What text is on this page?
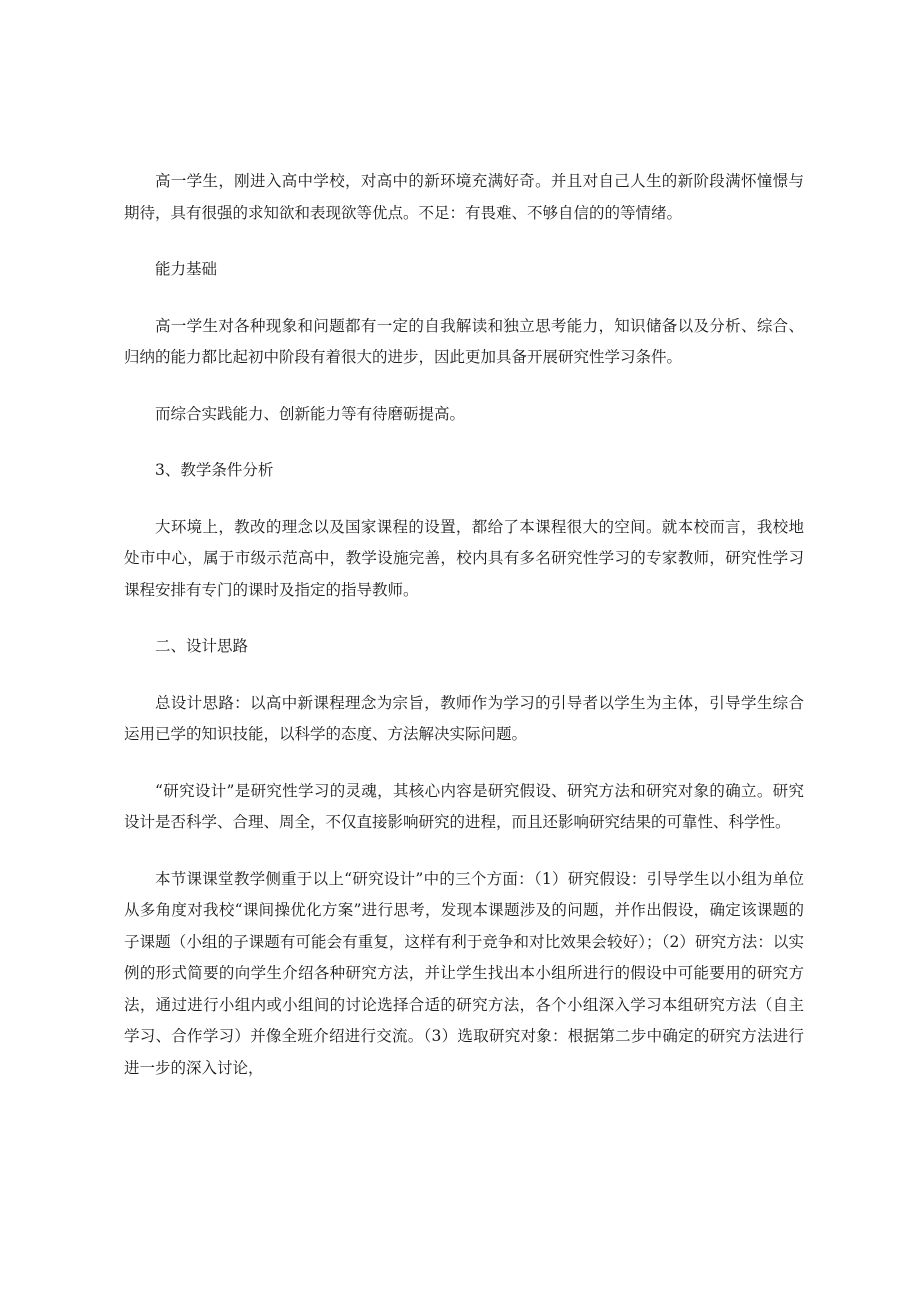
高一学生，刚进入高中学校，对高中的新环境充满好奇。并且对自己人生的新阶段满怀憧憬与期待，具有很强的求知欲和表现欲等优点。不足：有畏难、不够自信的的等情绪。

能力基础

高一学生对各种现象和问题都有一定的自我解读和独立思考能力，知识储备以及分析、综合、归纳的能力都比起初中阶段有着很大的进步，因此更加具备开展研究性学习条件。

而综合实践能力、创新能力等有待磨砺提高。

3、教学条件分析

大环境上，教改的理念以及国家课程的设置，都给了本课程很大的空间。就本校而言，我校地处市中心，属于市级示范高中，教学设施完善，校内具有多名研究性学习的专家教师，研究性学习课程安排有专门的课时及指定的指导教师。

二、设计思路

总设计思路：以高中新课程理念为宗旨，教师作为学习的引导者以学生为主体，引导学生综合运用已学的知识技能，以科学的态度、方法解决实际问题。

“研究设计”是研究性学习的灵魂，其核心内容是研究假设、研究方法和研究对象的确立。研究设计是否科学、合理、周全，不仅直接影响研究的进程，而且还影响研究结果的可靠性、科学性。

本节课课堂教学侧重于以上“研究设计”中的三个方面：（1）研究假设：引导学生以小组为单位从多角度对我校“课间操优化方案”进行思考，发现本课题涉及的问题，并作出假设，确定该课题的子课题（小组的子课题有可能会有重复，这样有利于竞争和对比效果会较好）；（2）研究方法：以实例的形式简要的向学生介绍各种研究方法，并让学生找出本小组所进行的假设中可能要用的研究方法，通过进行小组内或小组间的讨论选择合适的研究方法，各个小组深入学习本组研究方法（自主学习、合作学习）并像全班介绍进行交流。（3）选取研究对象：根据第二步中确定的研究方法进行进一步的深入讨论，
